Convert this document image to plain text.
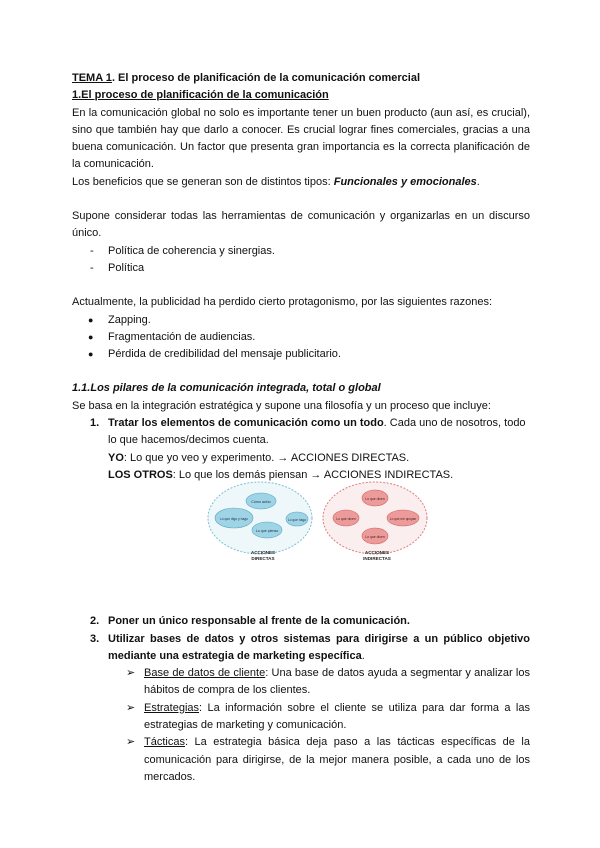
TEMA 1. El proceso de planificación de la comunicación comercial

1.El proceso de planificación de la comunicación

En la comunicación global no solo es importante tener un buen producto (aun así, es crucial), sino que también hay que darlo a conocer. Es crucial lograr fines comerciales, gracias a una buena comunicación. Un factor que presenta gran importancia es la correcta planificación de la comunicación.

Los beneficios que se generan son de distintos tipos: Funcionales y emocionales.

Supone considerar todas las herramientas de comunicación y organizarlas en un discurso único.

- Política de coherencia y sinergias.
- Política

Actualmente, la publicidad ha perdido cierto protagonismo, por las siguientes razones:

● Zapping.
● Fragmentación de audiencias.
● Pérdida de credibilidad del mensaje publicitario.

1.1.Los pilares de la comunicación integrada, total o global

Se basa en la integración estratégica y supone una filosofía y un proceso que incluye:

1. Tratar los elementos de comunicación como un todo. Cada uno de nosotros, todo lo que hacemos/decimos cuenta.

YO: Lo que yo veo y experimento. → ACCIONES DIRECTAS.

LOS OTROS: Lo que los demás piensan → ACCIONES INDIRECTAS.

2. Poner un único responsable al frente de la comunicación.
3. Utilizar bases de datos y otros sistemas para dirigirse a un público objetivo mediante una estrategia de marketing específica.
➢ Base de datos de cliente: Una base de datos ayuda a segmentar y analizar los hábitos de compra de los clientes.
➢ Estrategias: La información sobre el cliente se utiliza para dar forma a las estrategias de marketing y comunicación.
➢ Tácticas: La estrategia básica deja paso a las tácticas específicas de la comunicación para dirigirse, de la mejor manera posible, a cada uno de los mercados.
Cómo actúo
Lo que digo y hago
Lo que pienso
Lo que hago
ACCIONES
DIRECTAS
Lo que dicen
Lo que dicen	Lo que me apoyan
Lo que dicen
ACCIONES
INDIRECTAS
